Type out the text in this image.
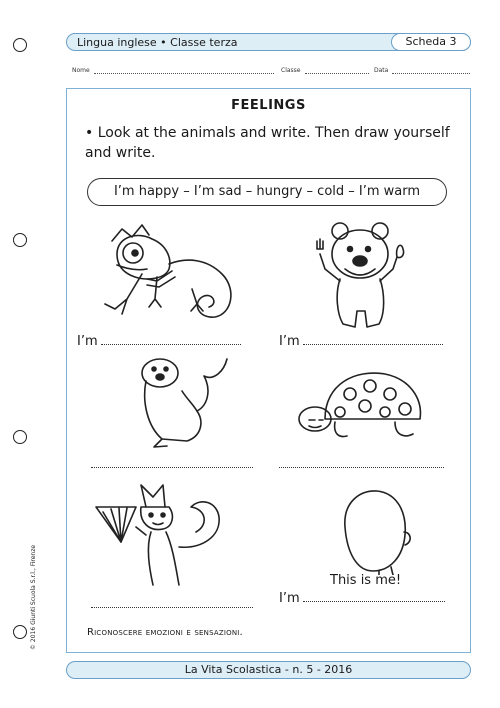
Lingua inglese • Classe terza	Scheda 3
Nome	Classe	Data
FEELINGS
• Look at the animals and write. Then draw yourself and write.
I’m happy – I’m sad – hungry – cold – I’m warm
I’m	I’m
This is me!
I’m
Riconoscere emozioni e sensazioni.
La Vita Scolastica - n. 5 - 2016
© 2016 Giunti Scuola S.r.l., Firenze
